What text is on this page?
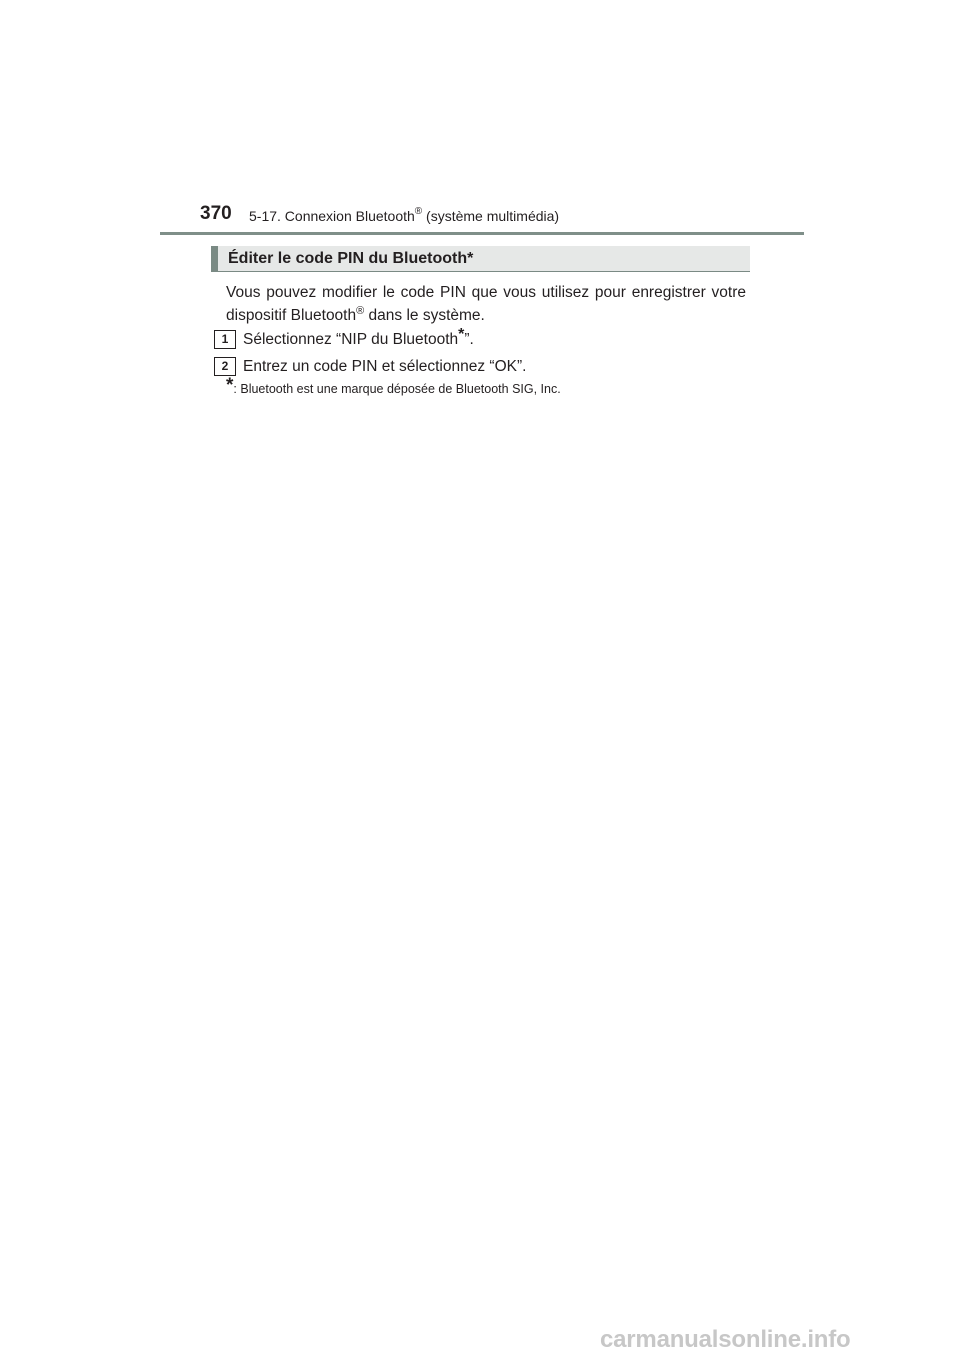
370 5-17. Connexion Bluetooth® (système multimédia)
Éditer le code PIN du Bluetooth*
Vous pouvez modifier le code PIN que vous utilisez pour enregistrer votre dispositif Bluetooth® dans le système.
1 Sélectionnez “NIP du Bluetooth*”.
2 Entrez un code PIN et sélectionnez “OK”.
*: Bluetooth est une marque déposée de Bluetooth SIG, Inc.
carmanualsonline.info
